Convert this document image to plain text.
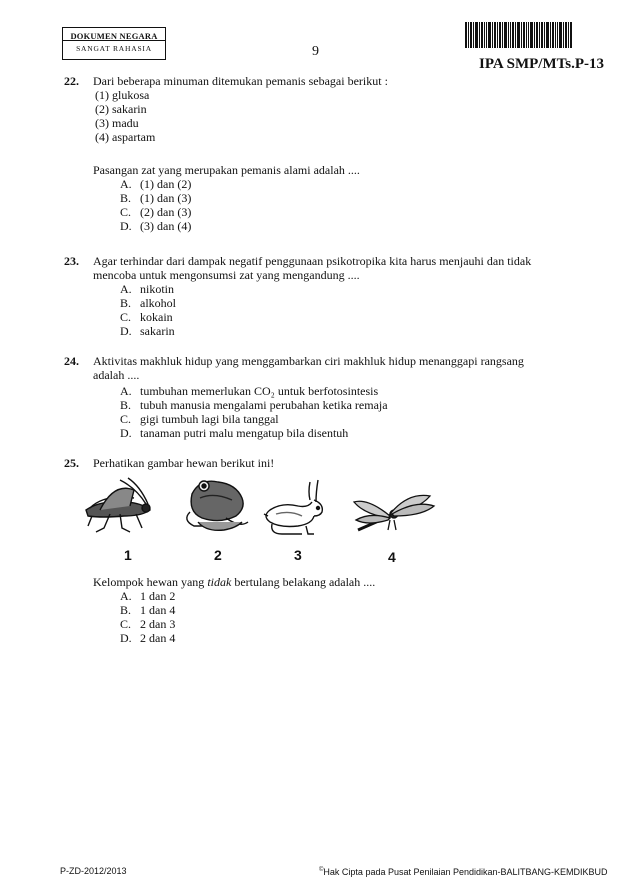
DOKUMEN NEGARA
SANGAT RAHASIA	9
IPA SMP/MTs.P-13
22. Dari beberapa minuman ditemukan pemanis sebagai berikut :
(1) glukosa
(2) sakarin
(3) madu
(4) aspartam
Pasangan zat yang merupakan pemanis alami adalah ....
A. (1) dan (2)
B. (1) dan (3)
C. (2) dan (3)
D. (3) dan (4)
23. Agar terhindar dari dampak negatif penggunaan psikotropika kita harus menjauhi dan tidak
mencoba untuk mengonsumsi zat yang mengandung ....
A. nikotin
B. alkohol
C. kokain
D. sakarin
24. Aktivitas makhluk hidup yang menggambarkan ciri makhluk hidup menanggapi rangsang
adalah ....
A. tumbuhan memerlukan CO₂ untuk berfotosintesis
B. tubuh manusia mengalami perubahan ketika remaja
C. gigi tumbuh lagi bila tanggal
D. tanaman putri malu mengatup bila disentuh
25. Perhatikan gambar hewan berikut ini!
1	2	3	4
Kelompok hewan yang tidak bertulang belakang adalah ....
A. 1 dan 2
B. 1 dan 4
C. 2 dan 3
D. 2 dan 4
P-ZD-2012/2013	©Hak Cipta pada Pusat Penilaian Pendidikan-BALITBANG-KEMDIKBUD
